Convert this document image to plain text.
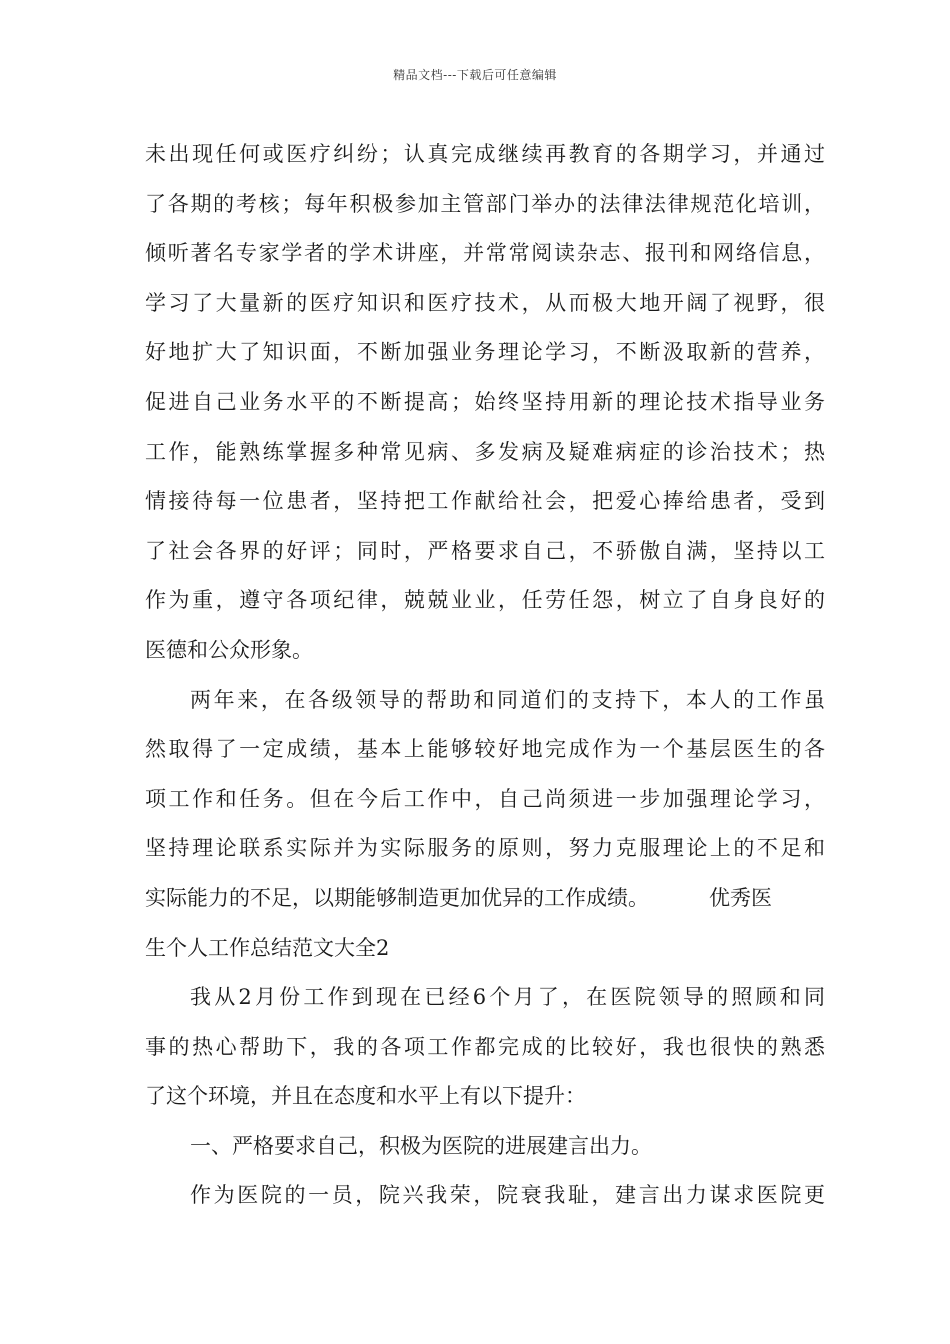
精品文档---下载后可任意编辑
未出现任何或医疗纠纷；认真完成继续再教育的各期学习，并通过
了各期的考核；每年积极参加主管部门举办的法律法律规范化培训，
倾听著名专家学者的学术讲座，并常常阅读杂志、报刊和网络信息，
学习了大量新的医疗知识和医疗技术，从而极大地开阔了视野，很
好地扩大了知识面，不断加强业务理论学习，不断汲取新的营养，
促进自己业务水平的不断提高；始终坚持用新的理论技术指导业务
工作，能熟练掌握多种常见病、多发病及疑难病症的诊治技术；热
情接待每一位患者，坚持把工作献给社会，把爱心捧给患者，受到
了社会各界的好评；同时，严格要求自己，不骄傲自满，坚持以工
作为重，遵守各项纪律，兢兢业业，任劳任怨，树立了自身良好的
医德和公众形象。
两年来，在各级领导的帮助和同道们的支持下，本人的工作虽
然取得了一定成绩，基本上能够较好地完成作为一个基层医生的各
项工作和任务。但在今后工作中，自己尚须进一步加强理论学习，
坚持理论联系实际并为实际服务的原则，努力克服理论上的不足和
实际能力的不足，以期能够制造更加优异的工作成绩。	优秀医
生个人工作总结范文大全2
我从2月份工作到现在已经6个月了，在医院领导的照顾和同
事的热心帮助下，我的各项工作都完成的比较好，我也很快的熟悉
了这个环境，并且在态度和水平上有以下提升：
一、严格要求自己，积极为医院的进展建言出力。
作为医院的一员，院兴我荣，院衰我耻，建言出力谋求医院更
